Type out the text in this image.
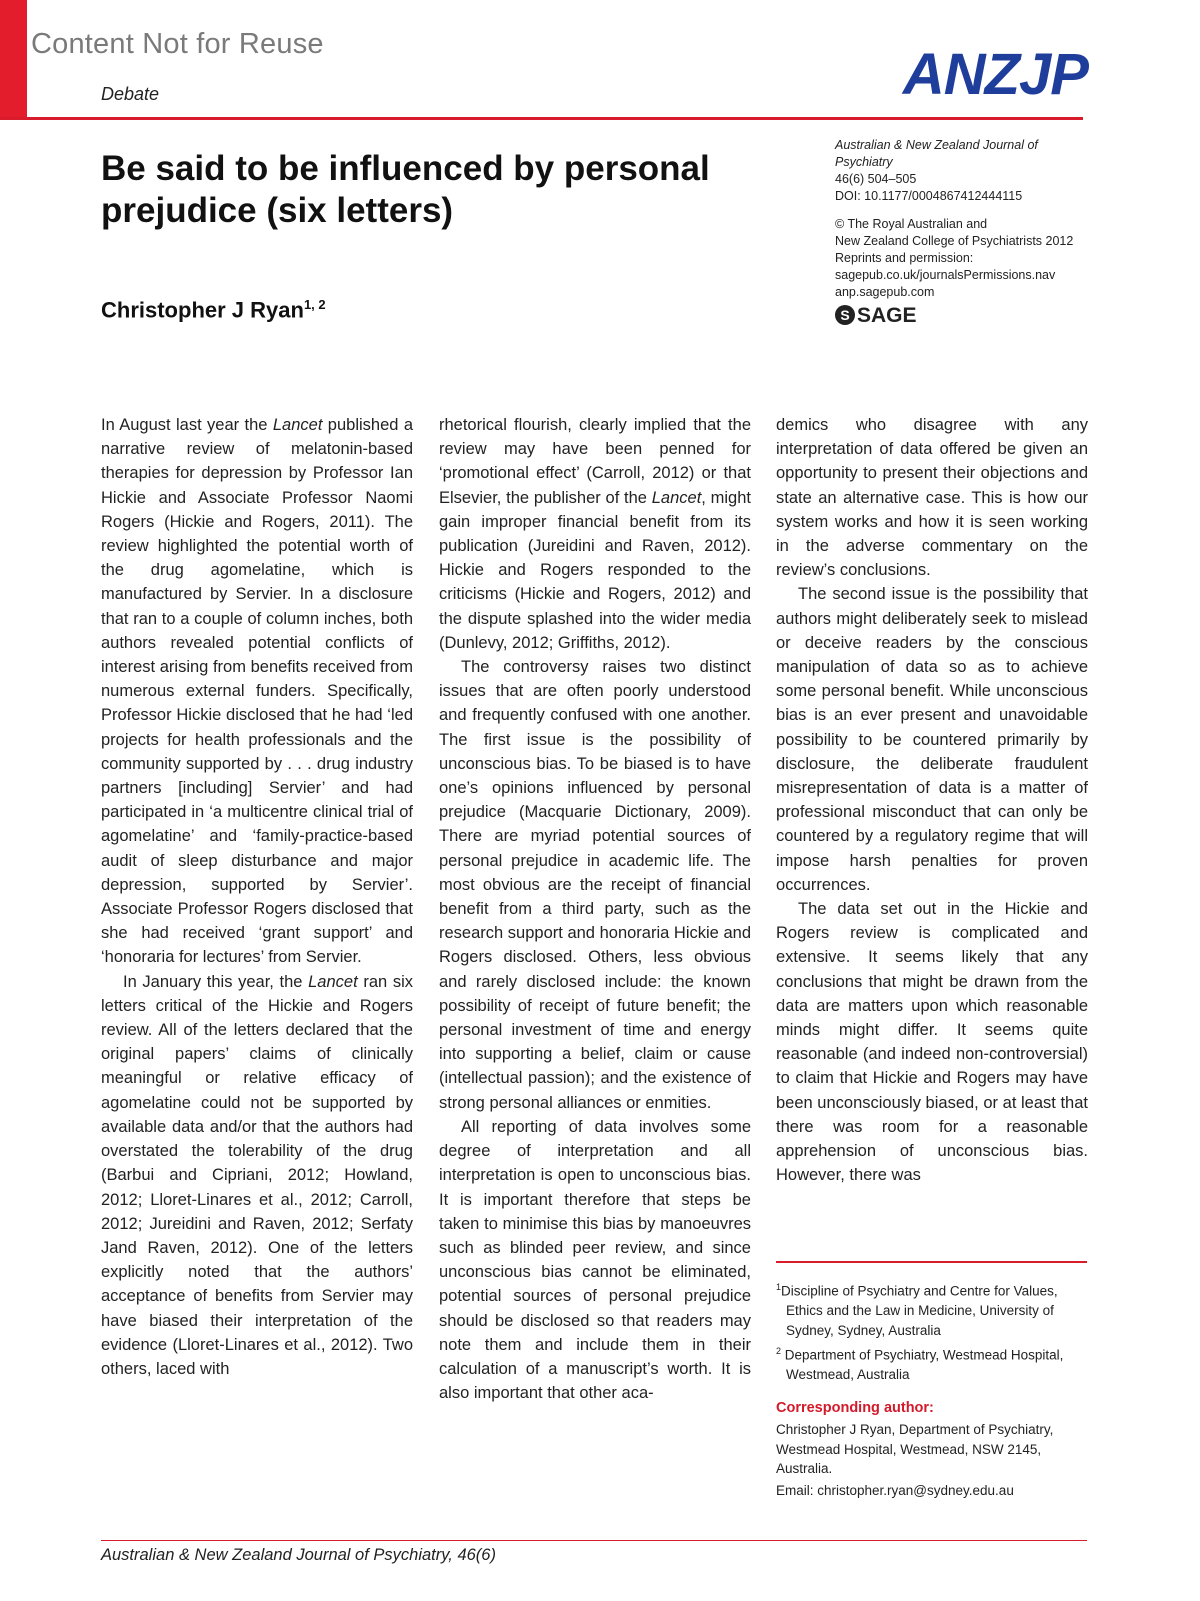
Content Not for Reuse
Debate	ANZJP
Be said to be influenced by personal prejudice (six letters)
Christopher J Ryan$^{1, 2}$
Australian & New Zealand Journal of Psychiatry
46(6) 504–505
DOI: 10.1177/0004867412444115
© The Royal Australian and
New Zealand College of Psychiatrists 2012
Reprints and permission:
sagepub.co.uk/journalsPermissions.nav
anp.sagepub.com
S SAGE

In August last year the Lancet published a narrative review of melatonin-based therapies for depression by Professor Ian Hickie and Associate Professor Naomi Rogers (Hickie and Rogers, 2011). The review highlighted the potential worth of the drug agomelatine, which is manufactured by Servier. In a disclosure that ran to a couple of column inches, both authors revealed potential conflicts of interest arising from benefits received from numerous external funders. Specifically, Professor Hickie disclosed that he had ‘led projects for health professionals and the community supported by . . . drug industry partners [including] Servier’ and had participated in ‘a multicentre clinical trial of agomelatine’ and ‘family-practice-based audit of sleep disturbance and major depression, supported by Servier’. Associate Professor Rogers disclosed that she had received ‘grant support’ and ‘honoraria for lectures’ from Servier.

In January this year, the Lancet ran six letters critical of the Hickie and Rogers review. All of the letters declared that the original papers’ claims of clinically meaningful or relative efficacy of agomelatine could not be supported by available data and/or that the authors had overstated the tolerability of the drug (Barbui and Cipriani, 2012; Howland, 2012; Lloret-Linares et al., 2012; Carroll, 2012; Jureidini and Raven, 2012; Serfaty Jand Raven, 2012). One of the letters explicitly noted that the authors’ acceptance of benefits from Servier may have biased their interpretation of the evidence (Lloret-Linares et al., 2012). Two others, laced with

rhetorical flourish, clearly implied that the review may have been penned for ‘promotional effect’ (Carroll, 2012) or that Elsevier, the publisher of the Lancet, might gain improper financial benefit from its publication (Jureidini and Raven, 2012). Hickie and Rogers responded to the criticisms (Hickie and Rogers, 2012) and the dispute splashed into the wider media (Dunlevy, 2012; Griffiths, 2012).

The controversy raises two distinct issues that are often poorly understood and frequently confused with one another. The first issue is the possibility of unconscious bias. To be biased is to have one’s opinions influenced by personal prejudice (Macquarie Dictionary, 2009). There are myriad potential sources of personal prejudice in academic life. The most obvious are the receipt of financial benefit from a third party, such as the research support and honoraria Hickie and Rogers disclosed. Others, less obvious and rarely disclosed include: the known possibility of receipt of future benefit; the personal investment of time and energy into supporting a belief, claim or cause (intellectual passion); and the existence of strong personal alliances or enmities.

All reporting of data involves some degree of interpretation and all interpretation is open to unconscious bias. It is important therefore that steps be taken to minimise this bias by manoeuvres such as blinded peer review, and since unconscious bias cannot be eliminated, potential sources of personal prejudice should be disclosed so that readers may note them and include them in their calculation of a manuscript’s worth. It is also important that other aca-

demics who disagree with any interpretation of data offered be given an opportunity to present their objections and state an alternative case. This is how our system works and how it is seen working in the adverse commentary on the review’s conclusions.

The second issue is the possibility that authors might deliberately seek to mislead or deceive readers by the conscious manipulation of data so as to achieve some personal benefit. While unconscious bias is an ever present and unavoidable possibility to be countered primarily by disclosure, the deliberate fraudulent misrepresentation of data is a matter of professional misconduct that can only be countered by a regulatory regime that will impose harsh penalties for proven occurrences.

The data set out in the Hickie and Rogers review is complicated and extensive. It seems likely that any conclusions that might be drawn from the data are matters upon which reasonable minds might differ. It seems quite reasonable (and indeed non-controversial) to claim that Hickie and Rogers may have been unconsciously biased, or at least that there was room for a reasonable apprehension of unconscious bias. However, there was

$^1$Discipline of Psychiatry and Centre for Values, Ethics and the Law in Medicine, University of Sydney, Sydney, Australia

$^2$ Department of Psychiatry, Westmead Hospital, Westmead, Australia

Corresponding author:

Christopher J Ryan, Department of Psychiatry, Westmead Hospital, Westmead, NSW 2145, Australia.

Email: christopher.ryan@sydney.edu.au

Australian & New Zealand Journal of Psychiatry, 46(6)
